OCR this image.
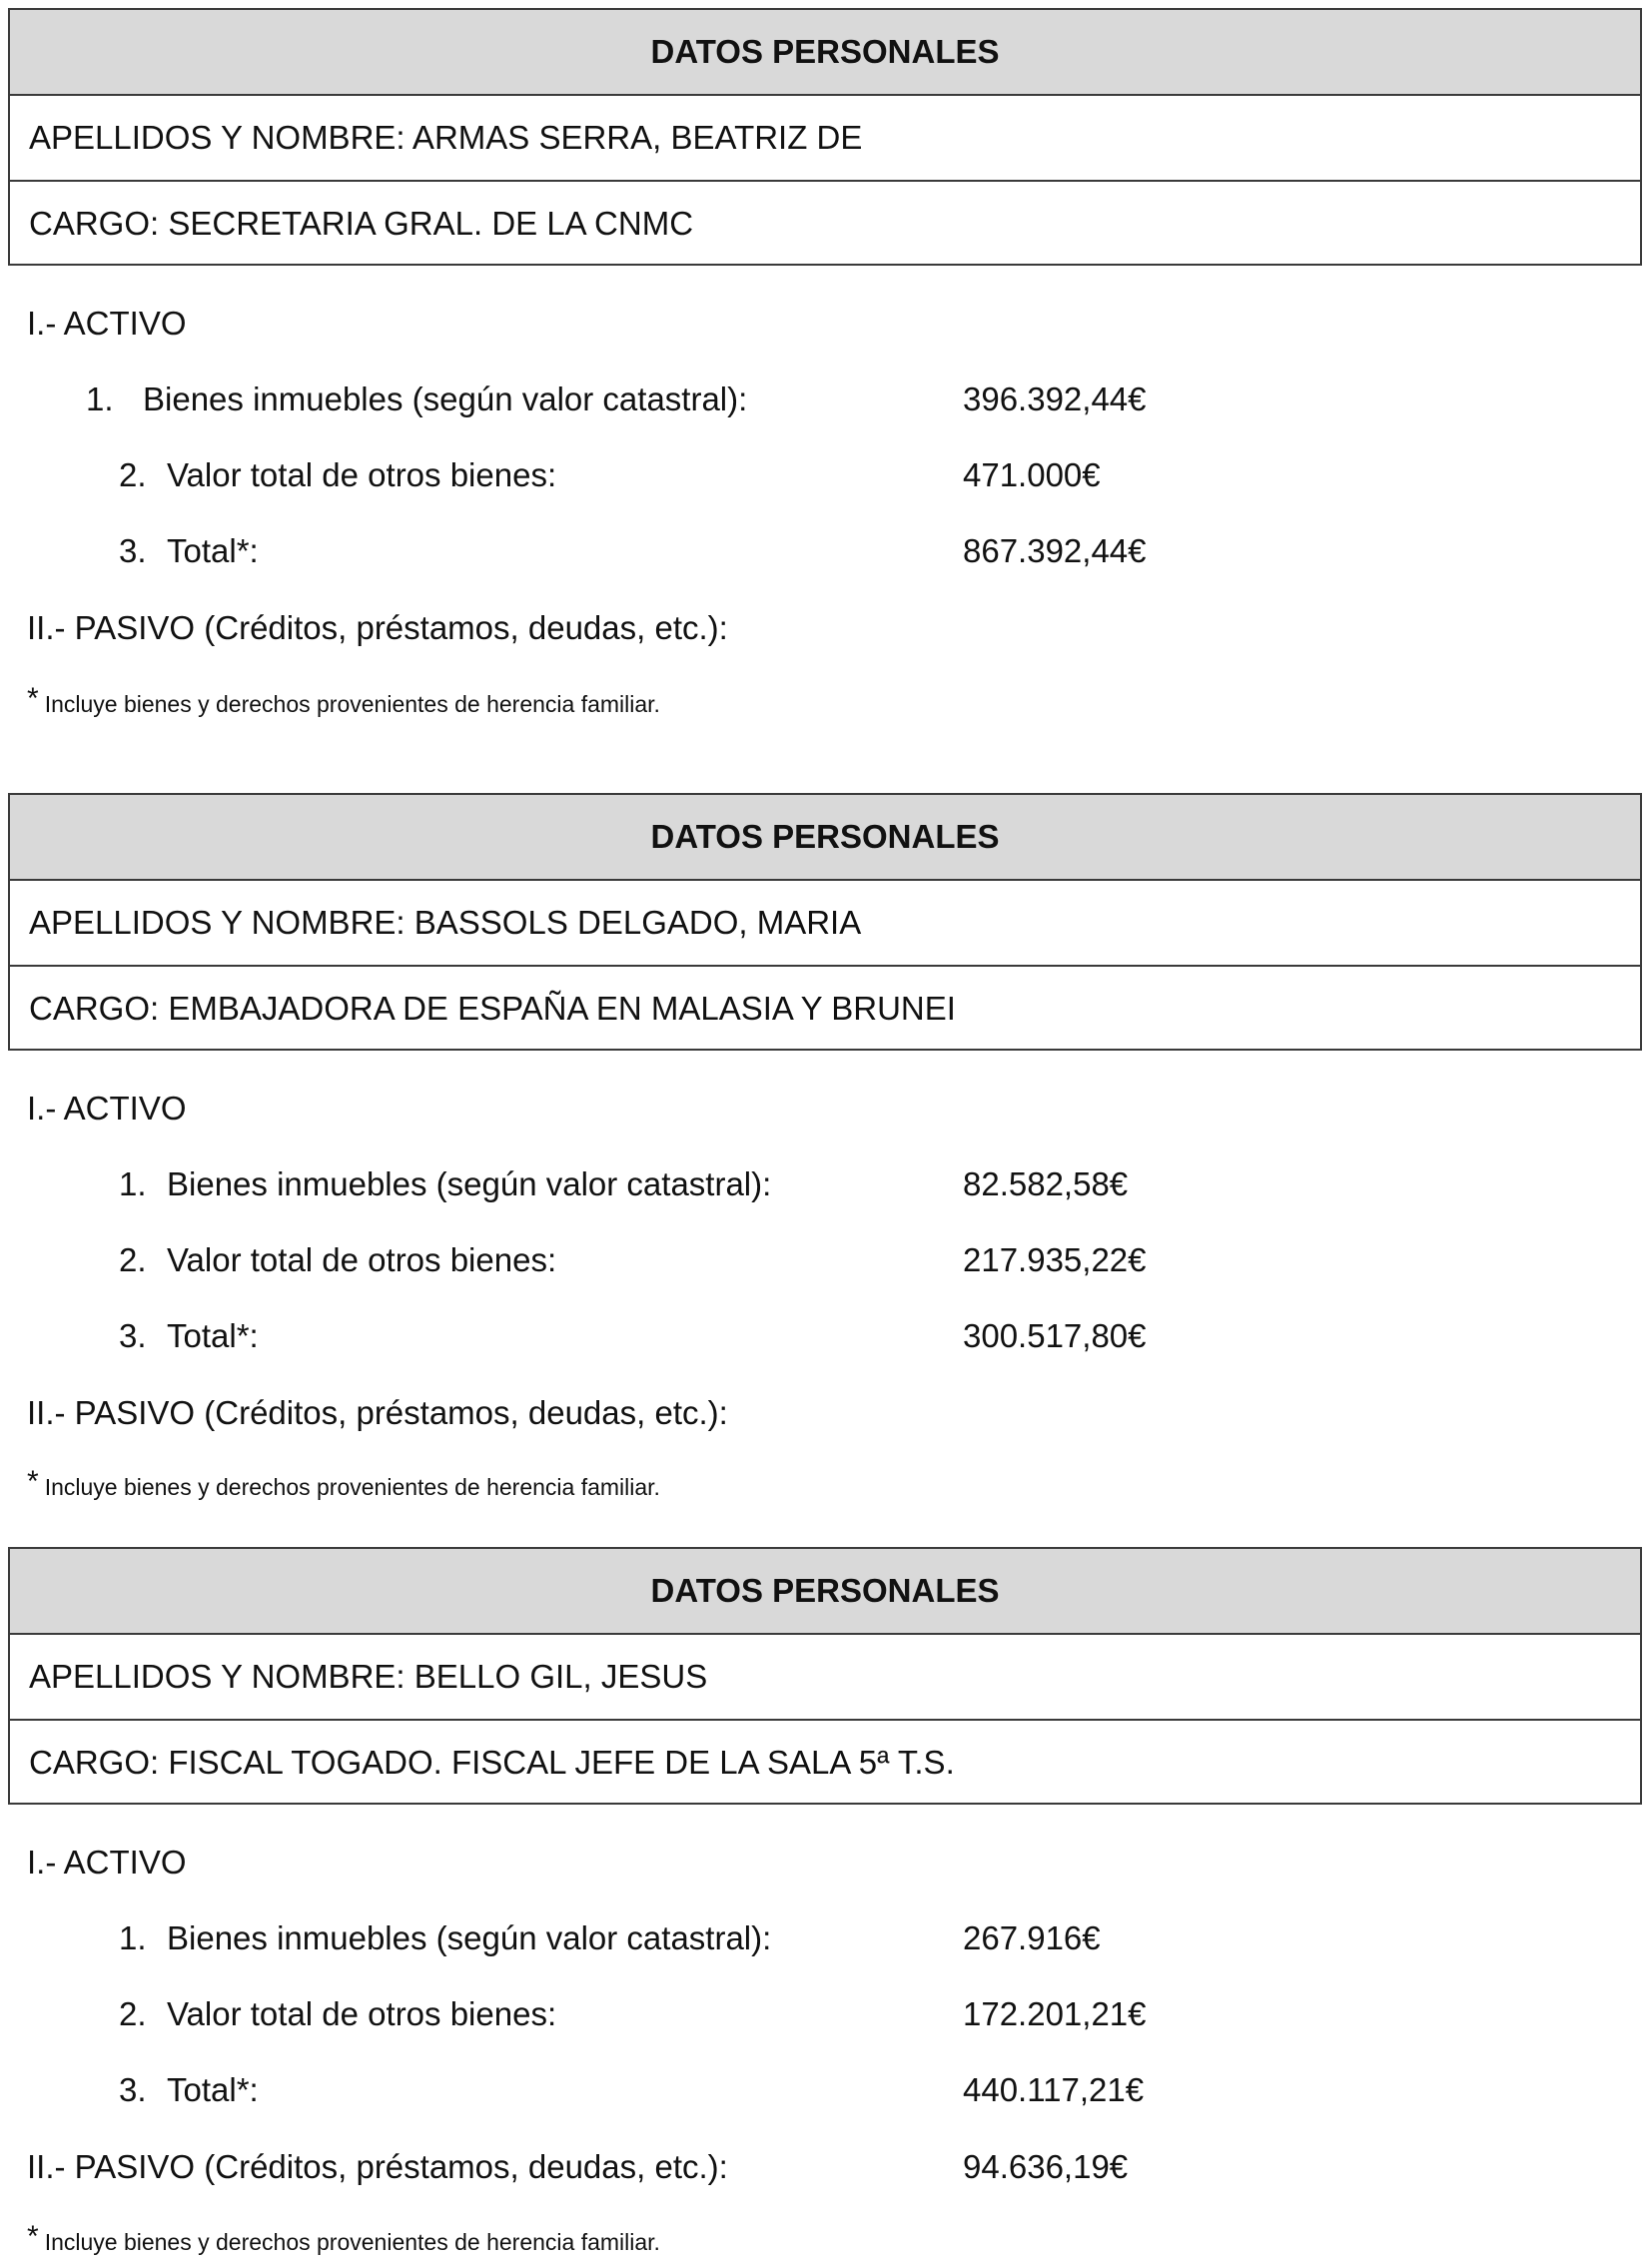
DATOS PERSONALES
APELLIDOS Y NOMBRE: ARMAS SERRA, BEATRIZ DE
CARGO: SECRETARIA GRAL. DE LA CNMC
I.- ACTIVO
1. Bienes inmuebles (según valor catastral):	396.392,44€
2. Valor total de otros bienes:	471.000€
3. Total*:	867.392,44€
II.- PASIVO (Créditos, préstamos, deudas, etc.):
* Incluye bienes y derechos provenientes de herencia familiar.
DATOS PERSONALES
APELLIDOS Y NOMBRE: BASSOLS DELGADO, MARIA
CARGO: EMBAJADORA DE ESPAÑA EN MALASIA Y BRUNEI
I.- ACTIVO
1. Bienes inmuebles (según valor catastral):	82.582,58€
2. Valor total de otros bienes:	217.935,22€
3. Total*:	300.517,80€
II.- PASIVO (Créditos, préstamos, deudas, etc.):
* Incluye bienes y derechos provenientes de herencia familiar.
DATOS PERSONALES
APELLIDOS Y NOMBRE: BELLO GIL, JESUS
CARGO: FISCAL TOGADO. FISCAL JEFE DE LA SALA 5ª T.S.
I.- ACTIVO
1. Bienes inmuebles (según valor catastral):	267.916€
2. Valor total de otros bienes:	172.201,21€
3. Total*:	440.117,21€
II.- PASIVO (Créditos, préstamos, deudas, etc.):	94.636,19€
* Incluye bienes y derechos provenientes de herencia familiar.
